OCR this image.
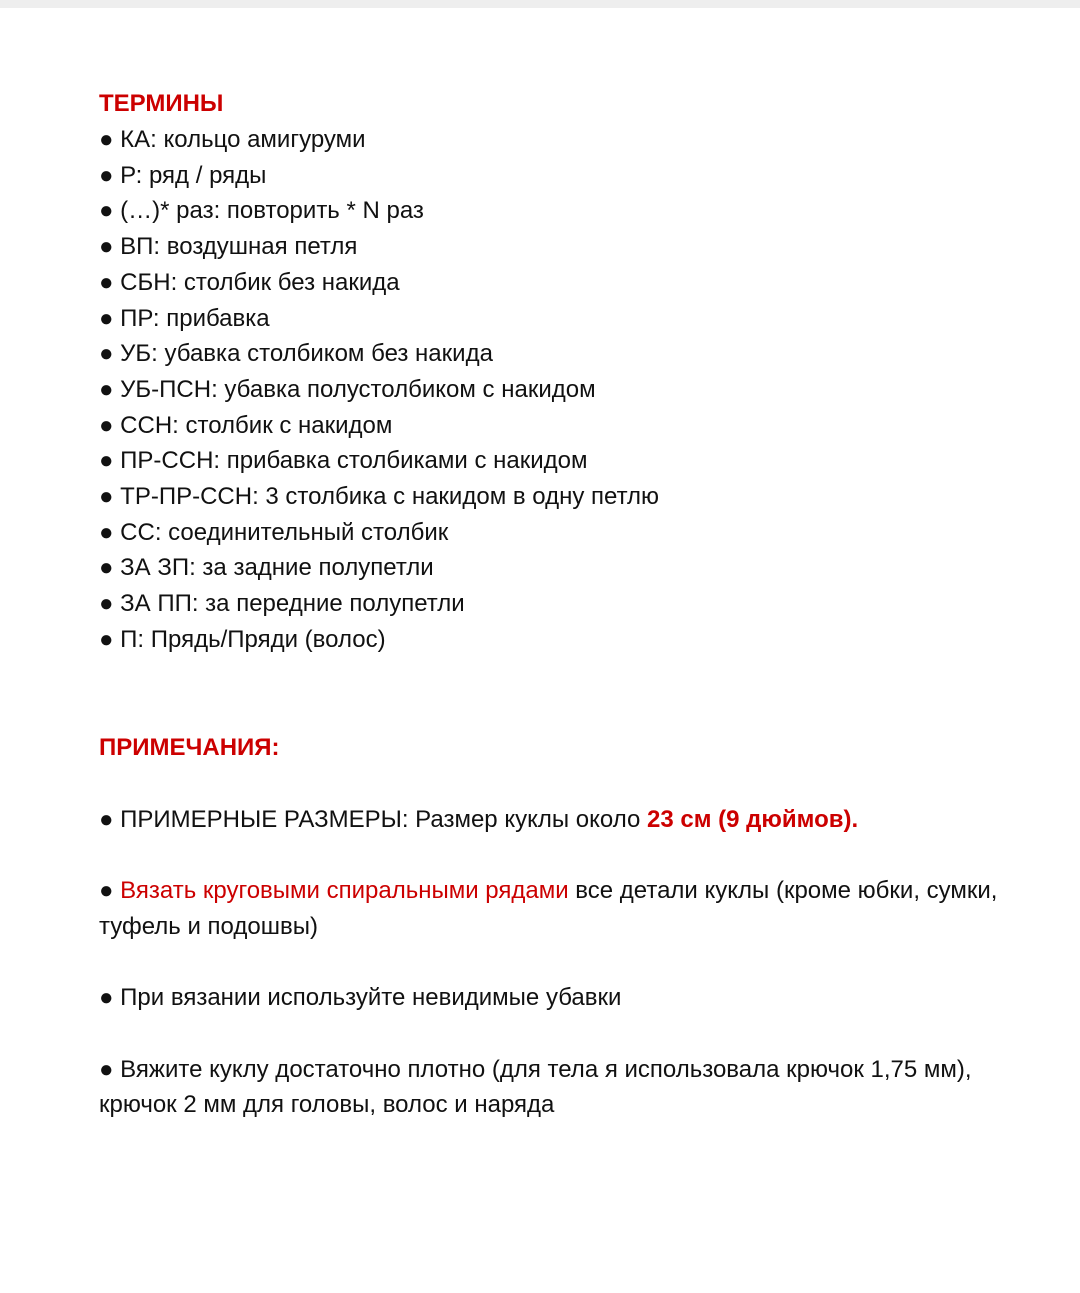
ТЕРМИНЫ
● КА: кольцо амигуруми
● Р: ряд / ряды
● (…)* раз: повторить * N раз
● ВП: воздушная петля
● СБН: столбик без накида
● ПР: прибавка
● УБ: убавка столбиком без накида
● УБ-ПСН: убавка полустолбиком с накидом
● ССН: столбик с накидом
● ПР-ССН: прибавка столбиками с накидом
● ТР-ПР-ССН: 3 столбика с накидом в одну петлю
● СС: соединительный столбик
● ЗА ЗП: за задние полупетли
● ЗА ПП: за передние полупетли
● П: Прядь/Пряди (волос)
ПРИМЕЧАНИЯ:

● ПРИМЕРНЫЕ РАЗМЕРЫ: Размер куклы около 23 см (9 дюймов).

● Вязать круговыми спиральными рядами все детали куклы (кроме юбки, сумки, туфель и подошвы)

● При вязании используйте невидимые убавки

● Вяжите куклу достаточно плотно (для тела я использовала крючок 1,75 мм), крючок 2 мм для головы, волос и наряда
